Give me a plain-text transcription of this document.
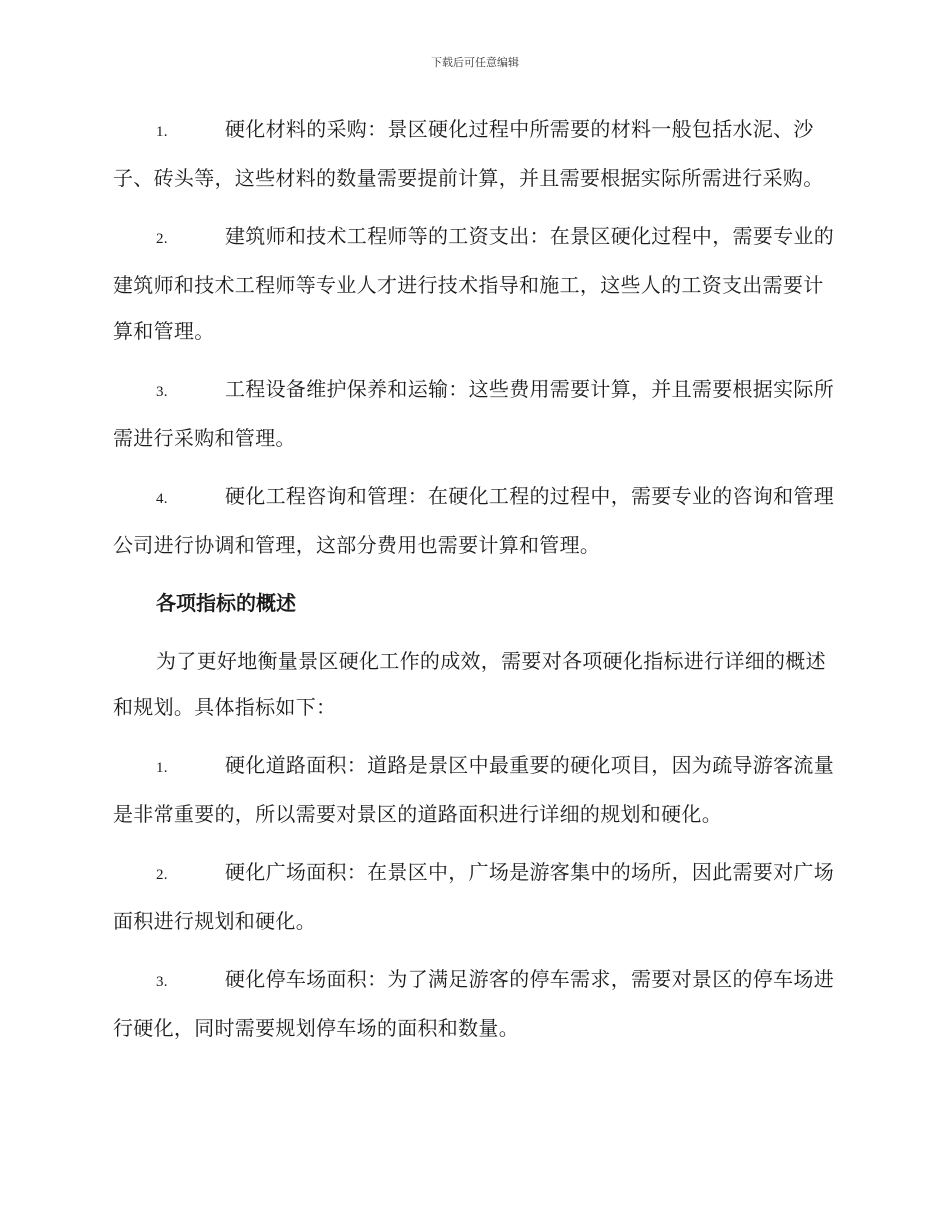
下载后可任意编辑

1.	硬化材料的采购：景区硬化过程中所需要的材料一般包括水泥、沙子、砖头等，这些材料的数量需要提前计算，并且需要根据实际所需进行采购。

2.	建筑师和技术工程师等的工资支出：在景区硬化过程中，需要专业的建筑师和技术工程师等专业人才进行技术指导和施工，这些人的工资支出需要计算和管理。

3.	工程设备维护保养和运输：这些费用需要计算，并且需要根据实际所需进行采购和管理。

4.	硬化工程咨询和管理：在硬化工程的过程中，需要专业的咨询和管理公司进行协调和管理，这部分费用也需要计算和管理。

各项指标的概述

为了更好地衡量景区硬化工作的成效，需要对各项硬化指标进行详细的概述和规划。具体指标如下：

1.	硬化道路面积：道路是景区中最重要的硬化项目，因为疏导游客流量是非常重要的，所以需要对景区的道路面积进行详细的规划和硬化。

2.	硬化广场面积：在景区中，广场是游客集中的场所，因此需要对广场面积进行规划和硬化。

3.	硬化停车场面积：为了满足游客的停车需求，需要对景区的停车场进行硬化，同时需要规划停车场的面积和数量。
